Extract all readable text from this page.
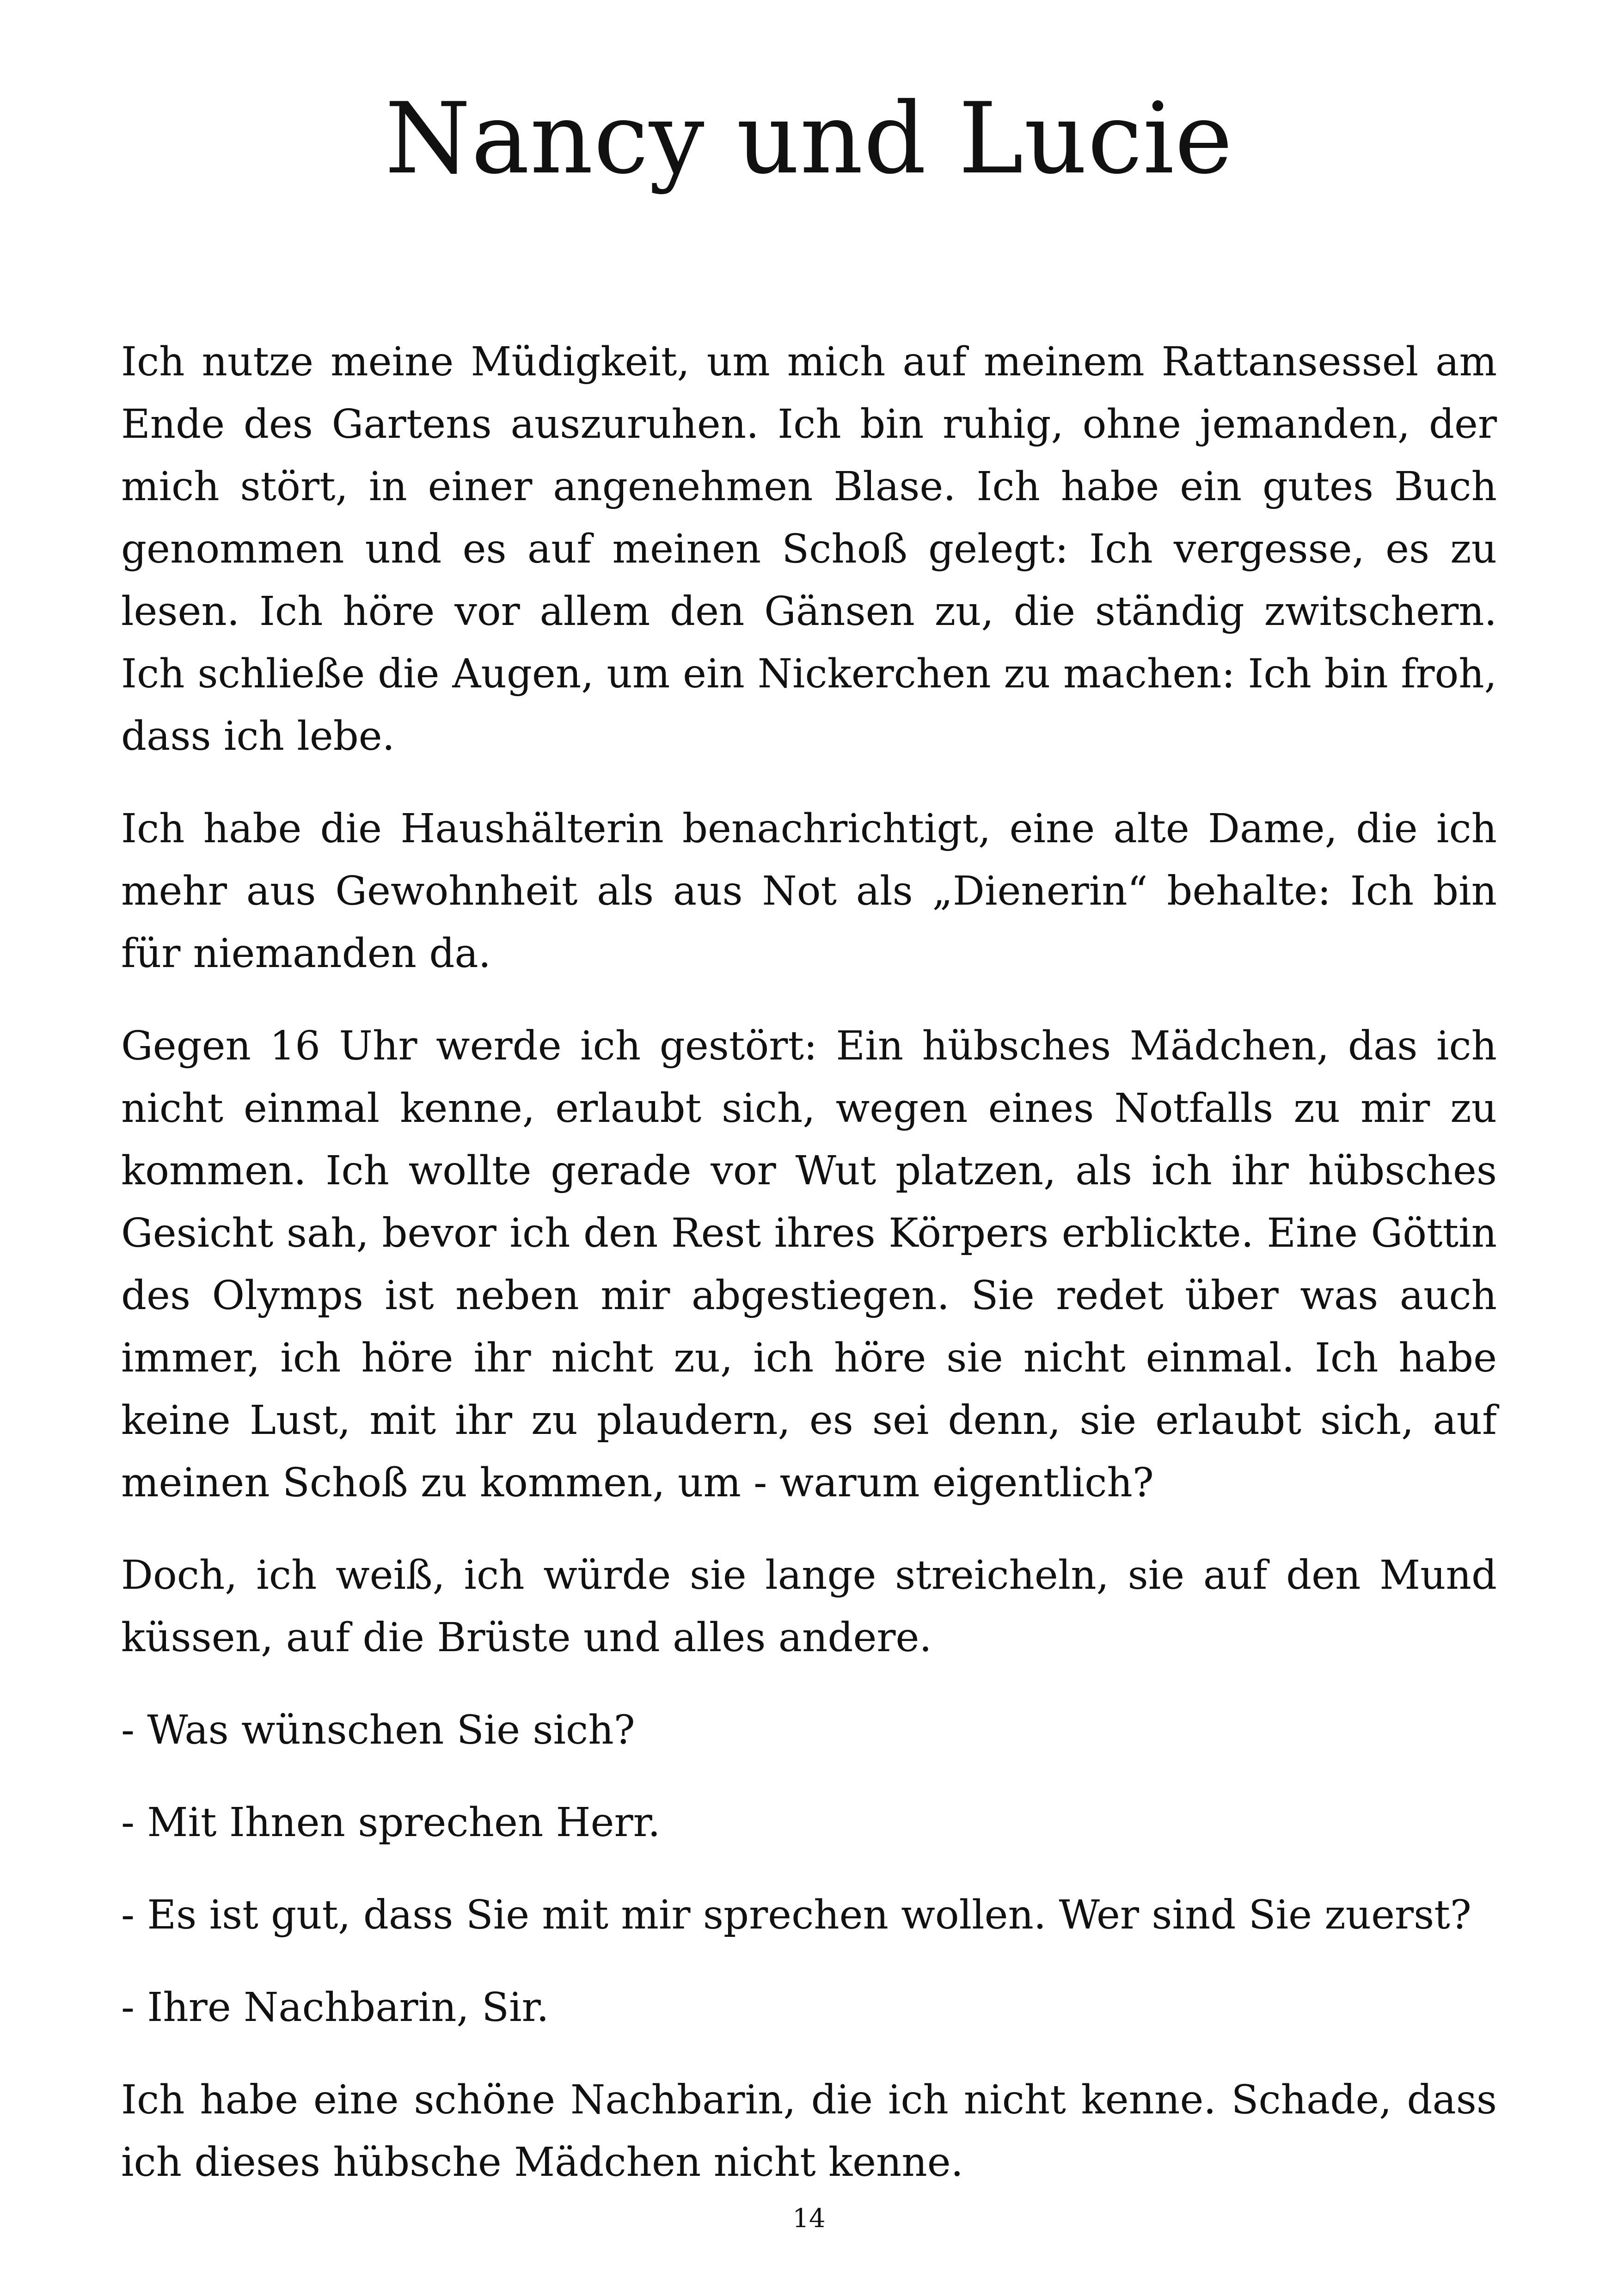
Nancy und Lucie

Ich nutze meine Müdigkeit, um mich auf meinem Rattansessel am Ende des Gartens auszuruhen. Ich bin ruhig, ohne jemanden, der mich stört, in einer angenehmen Blase. Ich habe ein gutes Buch genommen und es auf meinen Schoß gelegt: Ich vergesse, es zu lesen. Ich höre vor allem den Gänsen zu, die ständig zwitschern. Ich schließe die Augen, um ein Nickerchen zu machen: Ich bin froh, dass ich lebe.

Ich habe die Haushälterin benachrichtigt, eine alte Dame, die ich mehr aus Gewohnheit als aus Not als „Dienerin“ behalte: Ich bin für niemanden da.

Gegen 16 Uhr werde ich gestört: Ein hübsches Mädchen, das ich nicht einmal kenne, erlaubt sich, wegen eines Notfalls zu mir zu kommen. Ich wollte gerade vor Wut platzen, als ich ihr hübsches Gesicht sah, bevor ich den Rest ihres Körpers erblickte. Eine Göttin des Olymps ist neben mir abgestiegen. Sie redet über was auch immer, ich höre ihr nicht zu, ich höre sie nicht einmal. Ich habe keine Lust, mit ihr zu plaudern, es sei denn, sie erlaubt sich, auf meinen Schoß zu kommen, um - warum eigentlich?

Doch, ich weiß, ich würde sie lange streicheln, sie auf den Mund küssen, auf die Brüste und alles andere.

- Was wünschen Sie sich?

- Mit Ihnen sprechen Herr.

- Es ist gut, dass Sie mit mir sprechen wollen. Wer sind Sie zuerst?

- Ihre Nachbarin, Sir.

Ich habe eine schöne Nachbarin, die ich nicht kenne. Schade, dass ich dieses hübsche Mädchen nicht kenne.

14
